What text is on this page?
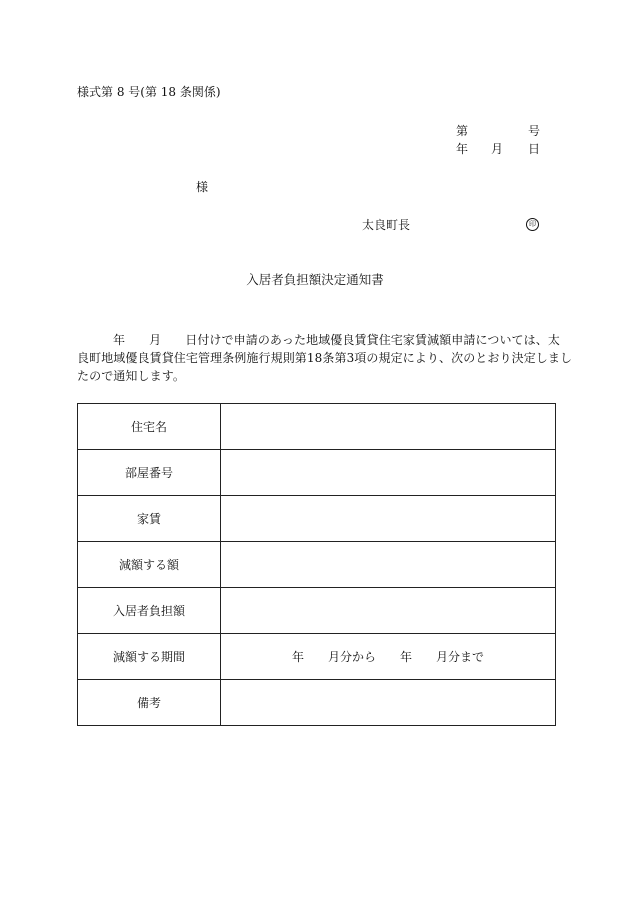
様式第 8 号(第 18 条関係)
第	号
年 月 日
様
太良町長	印
入居者負担額決定通知書
年 月 日付けで申請のあった地域優良賃貸住宅家賃減額申請については、太
良町地域優良賃貸住宅管理条例施行規則第18条第3項の規定により、次のとおり決定しまし
たので通知します。
住宅名	
部屋番号	
家賃	
減額する額	
入居者負担額	
減額する期間	年 月分から 年 月分まで
備考	
